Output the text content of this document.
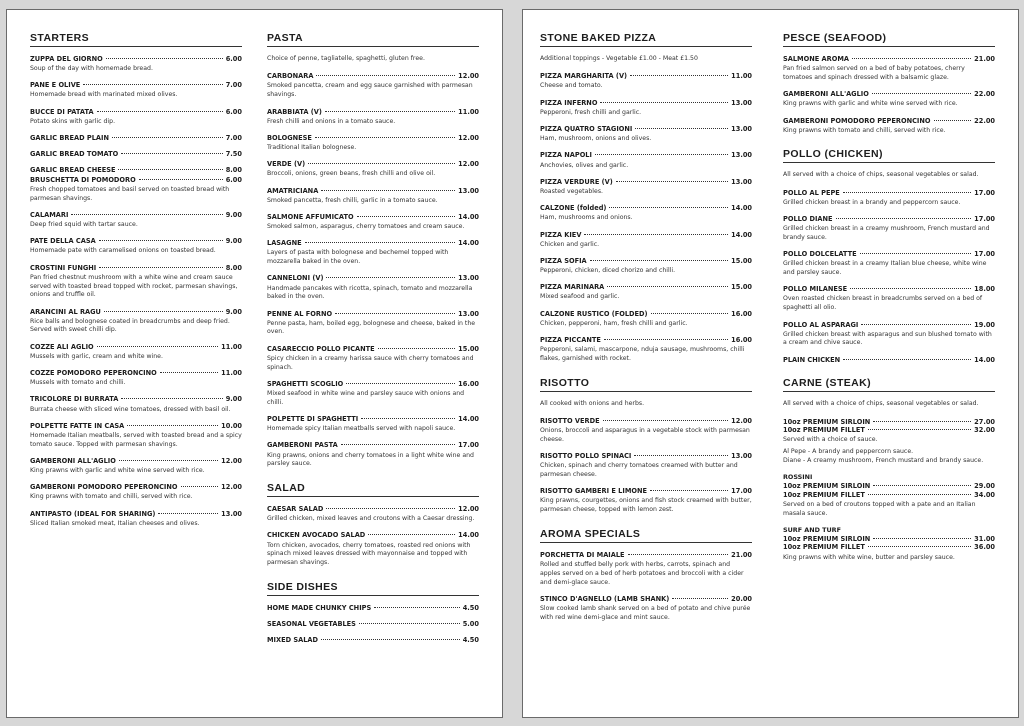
STARTERS
ZUPPA DEL GIORNO	6.00
Soup of the day with homemade bread.
PANE E OLIVE	7.00
Homemade bread with marinated mixed olives.
BUCCE DI PATATA	6.00
Potato skins with garlic dip.
GARLIC BREAD PLAIN	7.00
GARLIC BREAD TOMATO	7.50
GARLIC BREAD CHEESE	8.00
BRUSCHETTA DI POMODORO	6.00
Fresh chopped tomatoes and basil served on toasted bread with parmesan shavings.
CALAMARI	9.00
Deep fried squid with tartar sauce.
PATE DELLA CASA	9.00
Homemade pate with caramelised onions on toasted bread.
CROSTINI FUNGHI	8.00
Pan fried chestnut mushroom with a white wine and cream sauce served with toasted bread topped with rocket, parmesan shavings, onions and truffle oil.
ARANCINI AL RAGU	9.00
Rice balls and bolognese coated in breadcrumbs and deep fried. Served with sweet chilli dip.
COZZE ALI AGLIO	11.00
Mussels with garlic, cream and white wine.
COZZE POMODORO PEPERONCINO	11.00
Mussels with tomato and chilli.
TRICOLORE DI BURRATA	9.00
Burrata cheese with sliced wine tomatoes, dressed with basil oil.
POLPETTE FATTE IN CASA	10.00
Homemade Italian meatballs, served with toasted bread and a spicy tomato sauce. Topped with parmesan shavings.
GAMBERONI ALL'AGLIO	12.00
King prawns with garlic and white wine served with rice.
GAMBERONI POMODORO PEPERONCINO	12.00
King prawns with tomato and chilli, served with rice.
ANTIPASTO (IDEAL FOR SHARING)	13.00
Sliced Italian smoked meat, Italian cheeses and olives.
PASTA
Choice of penne, tagliatelle, spaghetti, gluten free.
CARBONARA	12.00
Smoked pancetta, cream and egg sauce garnished with parmesan shavings.
ARABBIATA (V)	11.00
Fresh chilli and onions in a tomato sauce.
BOLOGNESE	12.00
Traditional Italian bolognese.
VERDE (V)	12.00
Broccoli, onions, green beans, fresh chilli and olive oil.
AMATRICIANA	13.00
Smoked pancetta, fresh chilli, garlic in a tomato sauce.
SALMONE AFFUMICATO	14.00
Smoked salmon, asparagus, cherry tomatoes and cream sauce.
LASAGNE	14.00
Layers of pasta with bolognese and bechemel topped with mozzarella baked in the oven.
CANNELONI (V)	13.00
Handmade pancakes with ricotta, spinach, tomato and mozzarella baked in the oven.
PENNE AL FORNO	13.00
Penne pasta, ham, boiled egg, bolognese and cheese, baked in the oven.
CASARECCIO POLLO PICANTE	15.00
Spicy chicken in a creamy harissa sauce with cherry tomatoes and spinach.
SPAGHETTI SCOGLIO	16.00
Mixed seafood in white wine and parsley sauce with onions and chilli.
POLPETTE DI SPAGHETTI	14.00
Homemade spicy Italian meatballs served with napoli sauce.
GAMBERONI PASTA	17.00
King prawns, onions and cherry tomatoes in a light white wine and parsley sauce.
SALAD
CAESAR SALAD	12.00
Grilled chicken, mixed leaves and croutons with a Caesar dressing.
CHICKEN AVOCADO SALAD	14.00
Torn chicken, avocados, cherry tomatoes, roasted red onions with spinach mixed leaves dressed with mayonnaise and topped with parmesan shavings.
SIDE DISHES
HOME MADE CHUNKY CHIPS	4.50
SEASONAL VEGETABLES	5.00
MIXED SALAD	4.50
STONE BAKED PIZZA
Additional toppings - Vegetable £1.00 - Meat £1.50
PIZZA MARGHARITA (V)	11.00
Cheese and tomato.
PIZZA INFERNO	13.00
Pepperoni, fresh chilli and garlic.
PIZZA QUATRO STAGIONI	13.00
Ham, mushroom, onions and olives.
PIZZA NAPOLI	13.00
Anchovies, olives and garlic.
PIZZA VERDURE (V)	13.00
Roasted vegetables.
CALZONE (folded)	14.00
Ham, mushrooms and onions.
PIZZA KIEV	14.00
Chicken and garlic.
PIZZA SOFIA	15.00
Pepperoni, chicken, diced chorizo and chilli.
PIZZA MARINARA	15.00
Mixed seafood and garlic.
CALZONE RUSTICO (FOLDED)	16.00
Chicken, pepperoni, ham, fresh chilli and garlic.
PIZZA PICCANTE	16.00
Pepperoni, salami, mascarpone, nduja sausage, mushrooms, chilli flakes, garnished with rocket.
RISOTTO
All cooked with onions and herbs.
RISOTTO VERDE	12.00
Onions, broccoli and asparagus in a vegetable stock with parmesan cheese.
RISOTTO POLLO SPINACI	13.00
Chicken, spinach and cherry tomatoes creamed with butter and parmesan cheese.
RISOTTO GAMBERI E LIMONE	17.00
King prawns, courgettes, onions and fish stock creamed with butter, parmesan cheese, topped with lemon zest.
AROMA SPECIALS
PORCHETTA DI MAIALE	21.00
Rolled and stuffed belly pork with herbs, carrots, spinach and apples served on a bed of herb potatoes and broccoli with a cider and demi-glace sauce.
STINCO D'AGNELLO (LAMB SHANK)	20.00
Slow cooked lamb shank served on a bed of potato and chive purée with red wine demi-glace and mint sauce.
PESCE (SEAFOOD)
SALMONE AROMA	21.00
Pan fried salmon served on a bed of baby potatoes, cherry tomatoes and spinach dressed with a balsamic glaze.
GAMBERONI ALL'AGLIO	22.00
King prawns with garlic and white wine served with rice.
GAMBERONI POMODORO PEPERONCINO	22.00
King prawns with tomato and chilli, served with rice.
POLLO (CHICKEN)
All served with a choice of chips, seasonal vegetables or salad.
POLLO AL PEPE	17.00
Grilled chicken breast in a brandy and peppercorn sauce.
POLLO DIANE	17.00
Grilled chicken breast in a creamy mushroom, French mustard and brandy sauce.
POLLO DOLCELATTE	17.00
Grilled chicken breast in a creamy Italian blue cheese, white wine and parsley sauce.
POLLO MILANESE	18.00
Oven roasted chicken breast in breadcrumbs served on a bed of spaghetti all olio.
POLLO AL ASPARAGI	19.00
Grilled chicken breast with asparagus and sun blushed tomato with a cream and chive sauce.
PLAIN CHICKEN	14.00
CARNE (STEAK)
All served with a choice of chips, seasonal vegetables or salad.
10oz PREMIUM SIRLOIN	27.00
10oz PREMIUM FILLET	32.00
Served with a choice of sauce.
Al Pepe - A brandy and peppercorn sauce.
Diane - A creamy mushroom, French mustard and brandy sauce.
ROSSINI
10oz PREMIUM SIRLOIN	29.00
10oz PREMIUM FILLET	34.00
Served on a bed of croutons topped with a pate and an Italian masala sauce.
SURF AND TURF
10oz PREMIUM SIRLOIN	31.00
10oz PREMIUM FILLET	36.00
King prawns with white wine, butter and parsley sauce.
